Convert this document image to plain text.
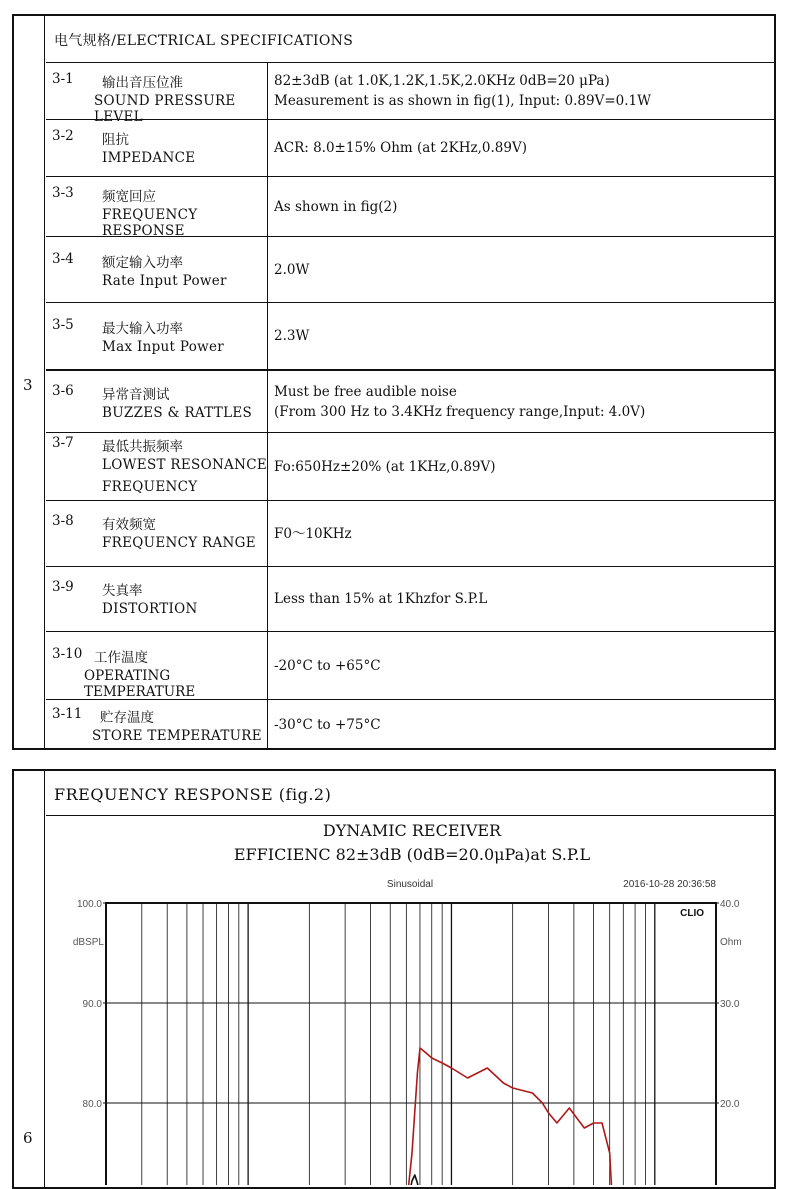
3
电气规格/ELECTRICAL SPECIFICATIONS
3-1 输出音压位准
SOUND PRESSURE LEVEL
82±3dB (at 1.0K,1.2K,1.5K,2.0KHz 0dB=20 μPa)
Measurement is as shown in fig(1), Input: 0.89V=0.1W
3-2 阻抗
IMPEDANCE
ACR: 8.0±15% Ohm (at 2KHz,0.89V)
3-3 频宽回应
FREQUENCY RESPONSE
As shown in fig(2)
3-4 额定输入功率
Rate Input Power
2.0W
3-5 最大输入功率
Max Input Power
2.3W
3-6 异常音测试
BUZZES & RATTLES
Must be free audible noise
(From 300 Hz to 3.4KHz frequency range,Input: 4.0V)
3-7 最低共振频率
LOWEST RESONANCE
FREQUENCY
Fo:650Hz±20% (at 1KHz,0.89V)
3-8 有效频宽
FREQUENCY RANGE
F0～10KHz
3-9 失真率
DISTORTION
Less than 15% at 1Khzfor S.P.L
3-10 工作温度
OPERATING TEMPERATURE
-20°C to +65°C
3-11 贮存温度
STORE TEMPERATURE
-30°C to +75°C
6
FREQUENCY RESPONSE (fig.2)
DYNAMIC RECEIVER
EFFICIENC 82±3dB (0dB=20.0μPa)at S.P.L
100.0
90.0
80.0
40.0
30.0
20.0
Sinusoidal	2016-10-28 20:36:58
CLIO
dBSPL	Ohm
